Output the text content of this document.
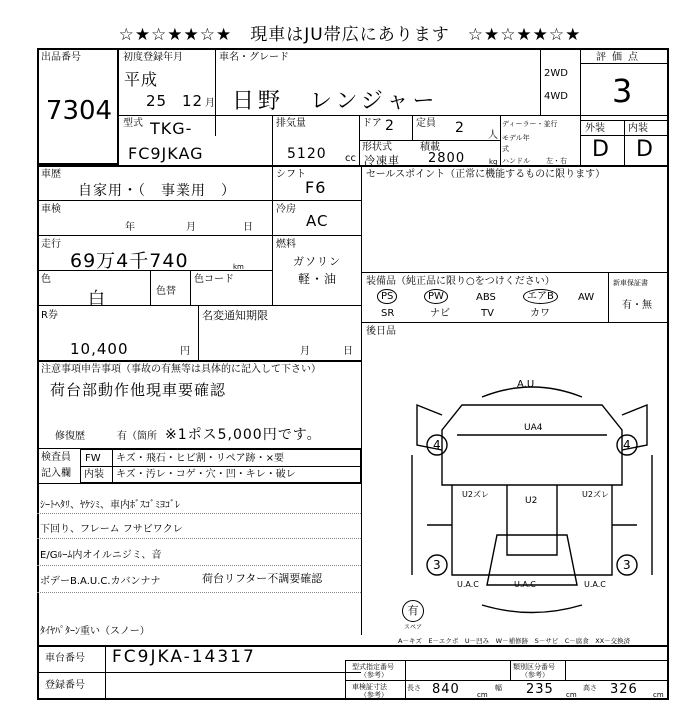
☆★☆★★☆★　現車はJU帯広にあります　☆★☆★★☆★
出品番号
7304
初度登録年月
平成
25 12 月
車名・グレード
日野　レンジャー
2WD
4WD
評価点
3
外装 内装
D D
型式 TKG-
FC9JKAG
排気量
5120 cc
ドア 2 定員 2 人
形状式	積載
冷凍車 2800	kg
ディーラー・並行
モデル年式
ハンドル 左・右
車歴
自家用・（　事業用　）
シフト
F6
車検
年	月	日
冷房
AC
走行
69万4千740	km
燃料
ガソリン
軽・油
色
白	色替
色コード
R券
10,400	円
名変通知期限
月	日
セールスポイント（正常に機能するものに限ります）
装備品（純正品に限り○をつけください）	新車保証書
有・無
PS	PW	ABS	エアB	AW
SR	ナビ	TV	カワ
後日品
注意事項申告事項（事故の有無等は具体的に記入して下さい）
荷台部動作他現車要確認
修復歴	有（箇所 ※1ポス5,000円です。
検査員
記入欄
FW キズ・飛石・ヒビ割・リペア跡・×要
内装 キズ・汚レ・コゲ・穴・凹・キレ・破レ
ｼｰﾄﾍﾀﾘ、ﾔｹｼﾐ、車内ﾎﾞｽｺﾞﾐﾖｺﾞﾚ
下回り、フレーム フサビワクレ
E/Gﾙｰﾑ内オイルニジミ、音
ボデーB.A.U.C.カバンナナ
ﾀｲﾔﾊﾟﾀｰﾝ重い（スノー）
A.U
UA4
4	4
U2ズレ
U2
U2ズレ
3	3
U.A.C	U.A.C	U.A.C
荷台リフター不調要確認
有
スペア
A－キズ　E－エクボ　U－凹み　W－補修跡　S－サビ　C－腐食　XX－交換済
車台番号 FC9JKA-14317
登録番号
型式指定番号
（参考）
類別区分番号
（参考）
車検証寸法
（参考）
長さ 840 cm
幅 235 cm
高さ 326 cm
